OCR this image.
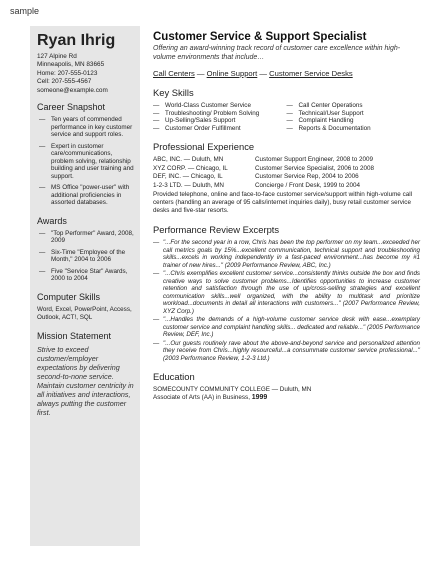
sample
Ryan Ihrig
127 Alpine Rd
Minneapolis, MN 83665
Home: 207-555-0123
Cell: 207-555-4567
someone@example.com
Career Snapshot
— Ten years of commended performance in key customer service and support roles.
— Expert in customer care/communications, problem solving, relationship building and user training and support.
— MS Office "power-user" with additional proficiencies in assorted databases.
Awards
— "Top Performer" Award, 2008, 2009
— Six-Time "Employee of the Month," 2004 to 2006
— Five "Service Star" Awards, 2000 to 2004
Computer Skills
Word, Excel, PowerPoint, Access, Outlook, ACT!, SQL
Mission Statement
Strive to exceed customer/employer expectations by delivering second-to-none service. Maintain customer centricity in all initiatives and interactions, always putting the customer first.
Customer Service & Support Specialist
Offering an award-winning track record of customer care excellence within high-volume environments that include…
Call Centers — Online Support — Customer Service Desks
Key Skills
— World-Class Customer Service
— Troubleshooting/ Problem Solving
— Up-Selling/Sales Support
— Customer Order Fulfillment
— Call Center Operations
— Technical/User Support
— Complaint Handling
— Reports & Documentation
Professional Experience
ABC, INC. — Duluth, MN	Customer Support Engineer, 2008 to 2009
XYZ CORP. — Chicago, IL	Customer Service Specialist, 2006 to 2008
DEF, INC. — Chicago, IL	Customer Service Rep, 2004 to 2006
1-2-3 LTD. — Duluth, MN	Concierge / Front Desk, 1999 to 2004
Provided telephone, online and face-to-face customer service/support within high-volume call centers (handling an average of 95 calls/internet inquiries daily), busy retail customer service desks and five-star resorts.
Performance Review Excerpts
— "...For the second year in a row, Chris has been the top performer on my team...exceeded her call metrics goals by 15%...excellent communication, technical support and troubleshooting skills...excels in working independently in a fast-paced environment...has become my #1 trainer of new hires..." (2009 Performance Review, ABC, Inc.)
— "...Chris exemplifies excellent customer service...consistently thinks outside the box and finds creative ways to solve customer problems...Identifies opportunities to increase customer retention and satisfaction through the use of up/cross-selling strategies and excellent communication skills...well organized, with the ability to multitask and prioritize workload...documents in detail all interactions with customers..." (2007 Performance Review, XYZ Corp.)
— "...Handles the demands of a high-volume customer service desk with ease...exemplary customer service and complaint handling skills... dedicated and reliable..." (2005 Performance Review, DEF, Inc.)
— "...Our guests routinely rave about the above-and-beyond service and personalized attention they receive from Chris...highly resourceful...a consummate customer service professional..." (2003 Performance Review, 1-2-3 Ltd.)
Education
SOMECOUNTY COMMUNITY COLLEGE — Duluth, MN
Associate of Arts (AA) in Business, 1999
